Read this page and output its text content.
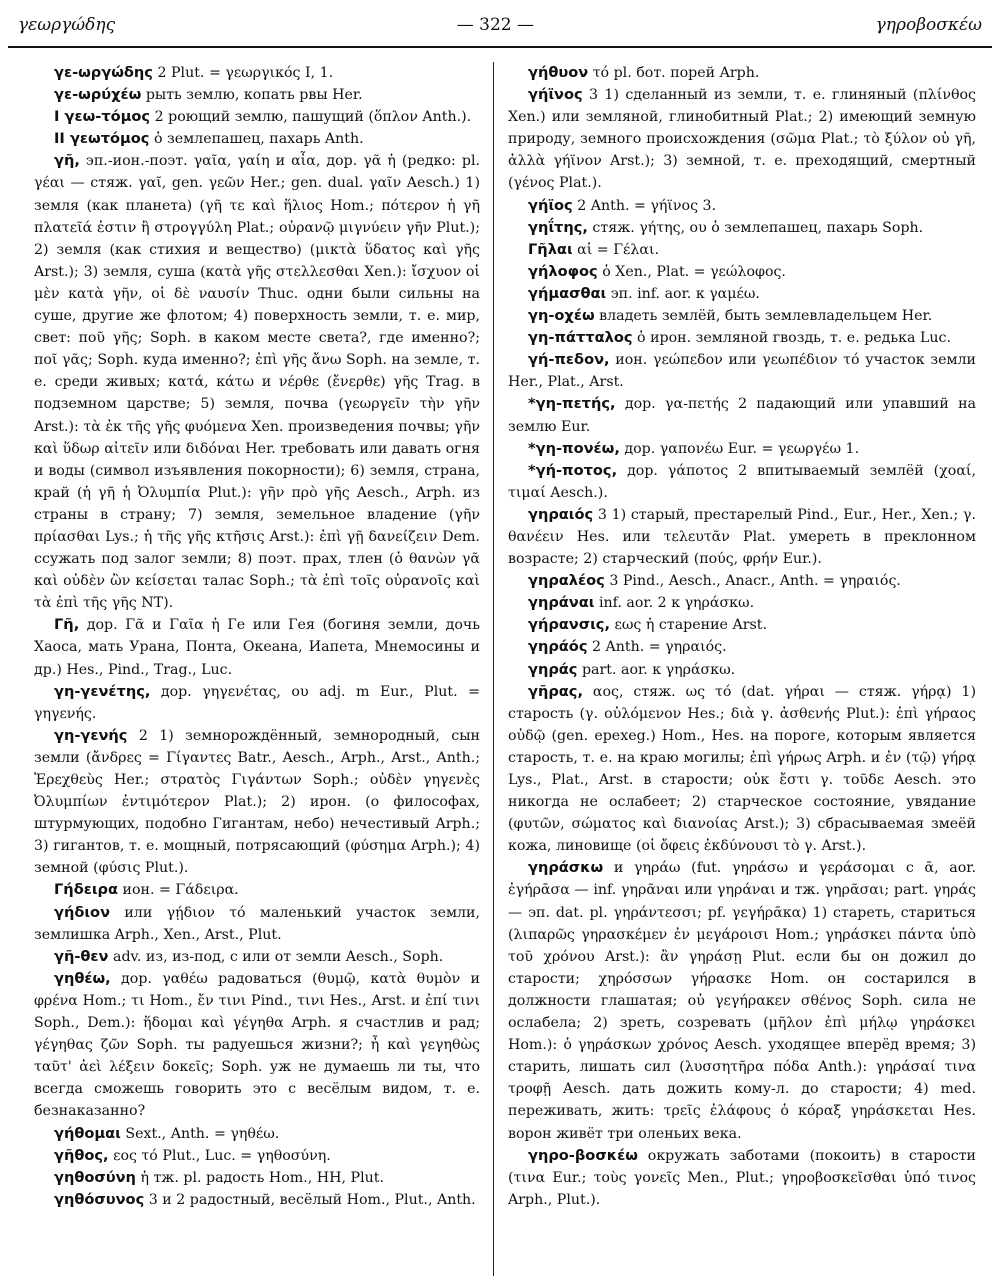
γεωργώδης	— 322 —	γηροβοσκέω

γε-ωργώδης 2 Plut. = γεωργικός I, 1.

γε-ωρύχέω рыть землю, копать рвы Her.

I γεω-τόμος 2 роющий землю, пашущий (ὅπλον Anth.).

II γεωτόμος ὁ землепашец, пахарь Anth.

γῆ, эп.-ион.-поэт. γαῖα, γαίη и αἶα, дор. γᾶ ἡ (редко: pl. γέαι — стяж. γαῖ, gen. γεῶν Her.; gen. dual. γαῖν Aesch.) 1) земля (как планета) (γῆ τε καὶ ἥλιος Hom.; πότερον ἡ γῆ πλατεῖά ἐστιν ἢ στρογγύλη Plat.; οὐρανῷ μιγνύειν γῆν Plut.); 2) земля (как стихия и вещество) (μικτὰ ὕδατος καὶ γῆς Arst.); 3) земля, суша (κατὰ γῆς στελλεσθαι Xen.): ἴσχυον οἱ μὲν κατὰ γῆν, οἱ δὲ ναυσίν Thuc. одни были сильны на суше, другие же флотом; 4) поверхность земли, т. е. мир, свет: ποῦ γῆς; Soph. в каком месте света?, где именно?; ποῖ γᾶς; Soph. куда именно?; ἐπὶ γῆς ἄνω Soph. на земле, т. е. среди живых; κατά, κάτω и νέρθε (ἔνερθε) γῆς Trag. в подземном царстве; 5) земля, почва (γεωργεῖν τὴν γῆν Arst.): τὰ ἐκ τῆς γῆς φυόμενα Xen. произведения почвы; γῆν καὶ ὕδωρ αἰτεῖν или διδόναι Her. требовать или давать огня и воды (символ изъявления покорности); 6) земля, страна, край (ἡ γῆ ἡ Ὀλυμπία Plut.): γῆν πρὸ γῆς Aesch., Arph. из страны в страну; 7) земля, земельное владение (γῆν πρίασθαι Lys.; ἡ τῆς γῆς κτῆσις Arst.): ἐπὶ γῇ δανείζειν Dem. ссужать под залог земли; 8) поэт. прах, тлен (ὁ θανὼν γᾶ καὶ οὐδὲν ὢν κείσεται талас Soph.; τὰ ἐπὶ τοῖς οὐρανοῖς καὶ τὰ ἐπὶ τῆς γῆς NT).

Γῆ, дор. Γᾶ и Γαῖα ἡ Ге или Гея (богиня земли, дочь Хаоса, мать Урана, Понта, Океана, Иапета, Мнемосины и др.) Hes., Pind., Trag., Luc.

γη-γενέτης, дор. γηγενέτας, ου adj. m Eur., Plut. = γηγενής.

γη-γενής 2 1) земнорождённый, земнородный, сын земли (ἄνδρες = Γίγαντες Batr., Aesch., Arph., Arst., Anth.; Ἐρεχθεὺς Her.; στρατὸς Γιγάντων Soph.; οὐδὲν γηγενὲς Ὀλυμπίων ἐντιμότερον Plat.); 2) ирон. (о философах, штурмующих, подобно Гигантам, небо) нечестивый Arph.; 3) гигантов, т. е. мощный, потрясающий (φύσημα Arph.); 4) земной (φύσις Plut.).

Γήδειρα ион. = Γάδειρα.

γήδιον или γῄδιον τό маленький участок земли, землишка Arph., Xen., Arst., Plut.

γῆ-θεν adv. из, из-под, с или от земли Aesch., Soph.

γηθέω, дор. γαθέω радоваться (θυμῷ, κατὰ θυμὸν и φρένα Hom.; τι Hom., ἔν τινι Pind., τινι Hes., Arst. и ἐπί τινι Soph., Dem.): ἥδομαι καὶ γέγηθα Arph. я счастлив и рад; γέγηθας ζῶν Soph. ты радуешься жизни?; ἦ καὶ γεγηθὼς ταῦτ' ἀεὶ λέξειν δοκεῖς; Soph. уж не думаешь ли ты, что всегда сможешь говорить это с весёлым видом, т. е. безнаказанно?

γήθομαι Sext., Anth. = γηθέω.

γῆθος, εος τό Plut., Luc. = γηθοσύνη.

γηθοσύνη ἡ тж. pl. радость Hom., HH, Plut.

γηθόσυνος 3 и 2 радостный, весёлый Hom., Plut., Anth.

γήθυον τό pl. бот. порей Arph.

γήϊνος 3 1) сделанный из земли, т. е. глиняный (πλίνθος Xen.) или земляной, глинобитный Plat.; 2) имеющий земную природу, земного происхождения (σῶμα Plat.; τὸ ξύλον οὐ γῆ, ἀλλὰ γήϊνον Arst.); 3) земной, т. е. преходящий, смертный (γένος Plat.).

γήϊος 2 Anth. = γήϊνος 3.

γηΐτης, стяж. γήτης, ου ὁ землепашец, пахарь Soph.

Γῆλαι αἱ = Γέλαι.

γήλοφος ὁ Xen., Plat. = γεώλοφος.

γήμασθαι эп. inf. aor. к γαμέω.

γη-οχέω владеть землёй, быть землевладельцем Her.

γη-πάτταλος ὁ ирон. земляной гвоздь, т. е. редька Luc.

γή-πεδον, ион. γεώπεδον или γεωπέδιον τό участок земли Her., Plat., Arst.

*γη-πετής, дор. γα-πετής 2 падающий или упавший на землю Eur.

*γη-πονέω, дор. γαπονέω Eur. = γεωργέω 1.

*γή-ποτος, дор. γάποτος 2 впитываемый землёй (χοαί, τιμαί Aesch.).

γηραιός 3 1) старый, престарелый Pind., Eur., Her., Xen.; γ. θανέειν Hes. или τελευτᾶν Plat. умереть в преклонном возрасте; 2) старческий (πούς, φρήν Eur.).

γηραλέος 3 Pind., Aesch., Anacr., Anth. = γηραιός.

γηράναι inf. aor. 2 к γηράσκω.

γήρανσις, εως ἡ старение Arst.

γηράός 2 Anth. = γηραιός.

γηράς part. aor. к γηράσκω.

γῆρας, αος, стяж. ως τό (dat. γήραι — стяж. γήρᾳ) 1) старость (γ. οὐλόμενον Hes.; διὰ γ. ἀσθενής Plut.): ἐπὶ γήραος οὐδῷ (gen. epexeg.) Hom., Hes. на пороге, которым является старость, т. е. на краю могилы; ἐπὶ γήρως Arph. и ἐν (τῷ) γήρᾳ Lys., Plat., Arst. в старости; οὐκ ἔστι γ. τοῦδε Aesch. это никогда не ослабеет; 2) старческое состояние, увядание (φυτῶν, σώματος καὶ διανοίας Arst.); 3) сбрасываемая змеёй кожа, линовище (οἱ ὄφεις ἐκδύνουσι τὸ γ. Arst.).

γηράσκω и γηράω (fut. γηράσω и γεράσομαι с ᾱ, aor. ἐγήρᾱσα — inf. γηρᾶναι или γηράναι и тж. γηρᾶσαι; part. γηράς — эп. dat. pl. γηράντεσσι; pf. γεγήρᾱκα) 1) стареть, стариться (λιπαρῶς γηρασκέμεν ἐν μεγάροισι Hom.; γηράσκει πάντα ὑπὸ τοῦ χρόνου Arst.): ἂν γηράσῃ Plut. если бы он дожил до старости; χηρόσσων γήρασκε Hom. он состарился в должности глашатая; οὐ γεγήρακεν σθένος Soph. сила не ослабела; 2) зреть, созревать (μῆλον ἐπὶ μήλῳ γηράσκει Hom.): ὁ γηράσκων χρόνος Aesch. уходящее вперёд время; 3) старить, лишать сил (λυσσητῆρα πόδα Anth.): γηράσαί τινα τροφῇ Aesch. дать дожить кому-л. до старости; 4) med. переживать, жить: τρεῖς ἐλάφους ὁ κόραξ γηράσκεται Hes. ворон живёт три оленьих века.

γηρο-βοσκέω окружать заботами (покоить) в старости (τινα Eur.; τοὺς γονεῖς Men., Plut.; γηροβοσκεῖσθαι ὑπό τινος Arph., Plut.).
